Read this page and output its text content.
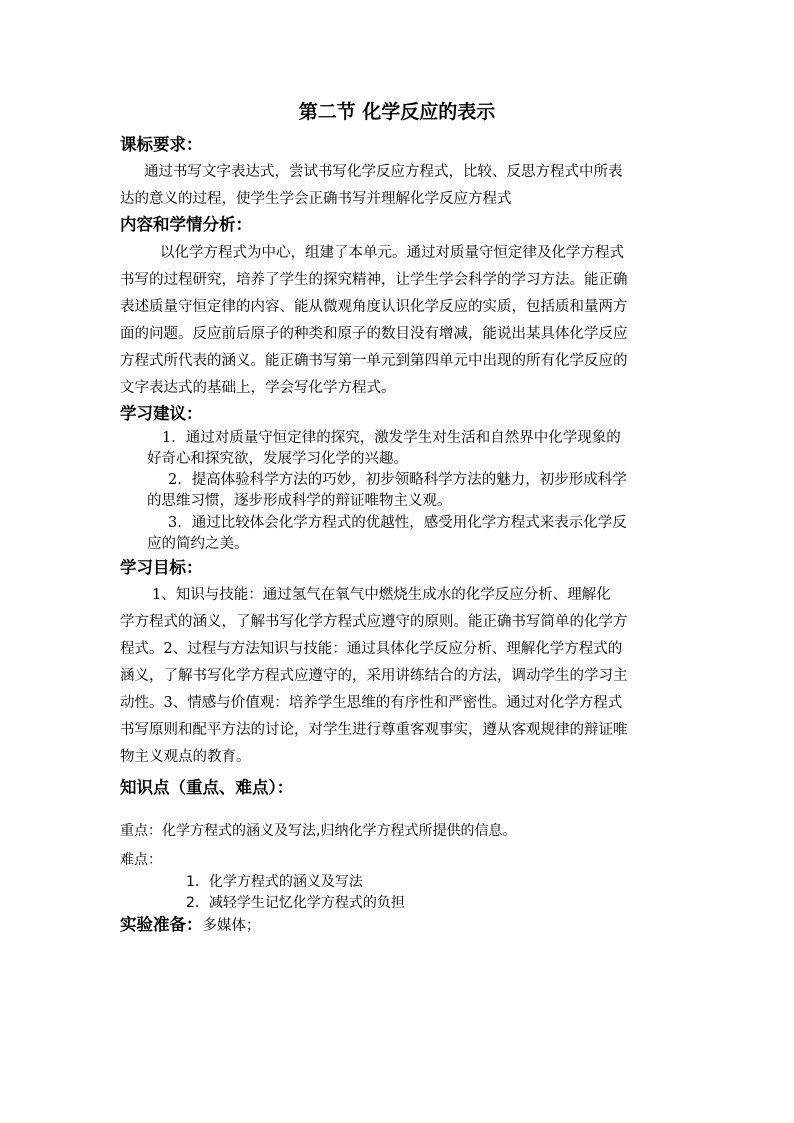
第二节 化学反应的表示
课标要求：
通过书写文字表达式，尝试书写化学反应方程式，比较、反思方程式中所表
达的意义的过程，使学生学会正确书写并理解化学反应方程式
内容和学情分析：
以化学方程式为中心，组建了本单元。通过对质量守恒定律及化学方程式
书写的过程研究，培养了学生的探究精神，让学生学会科学的学习方法。能正确
表述质量守恒定律的内容、能从微观角度认识化学反应的实质，包括质和量两方
面的问题。反应前后原子的种类和原子的数目没有增减，能说出某具体化学反应
方程式所代表的涵义。能正确书写第一单元到第四单元中出现的所有化学反应的
文字表达式的基础上，学会写化学方程式。
学习建议：
1．通过对质量守恒定律的探究，激发学生对生活和自然界中化学现象的
好奇心和探究欲，发展学习化学的兴趣。
2．提高体验科学方法的巧妙，初步领略科学方法的魅力，初步形成科学
的思维习惯，逐步形成科学的辩证唯物主义观。
3．通过比较体会化学方程式的优越性，感受用化学方程式来表示化学反
应的简约之美。
学习目标：
1、知识与技能：通过氢气在氧气中燃烧生成水的化学反应分析、理解化
学方程式的涵义，了解书写化学方程式应遵守的原则。能正确书写简单的化学方
程式。2、过程与方法知识与技能：通过具体化学反应分析、理解化学方程式的
涵义，了解书写化学方程式应遵守的，采用讲练结合的方法，调动学生的学习主
动性。3、情感与价值观：培养学生思维的有序性和严密性。通过对化学方程式
书写原则和配平方法的讨论，对学生进行尊重客观事实，遵从客观规律的辩证唯
物主义观点的教育。
知识点（重点、难点）：
重点：化学方程式的涵义及写法,归纳化学方程式所提供的信息。
难点：
1．化学方程式的涵义及写法
2．减轻学生记忆化学方程式的负担
实验准备：多媒体；
